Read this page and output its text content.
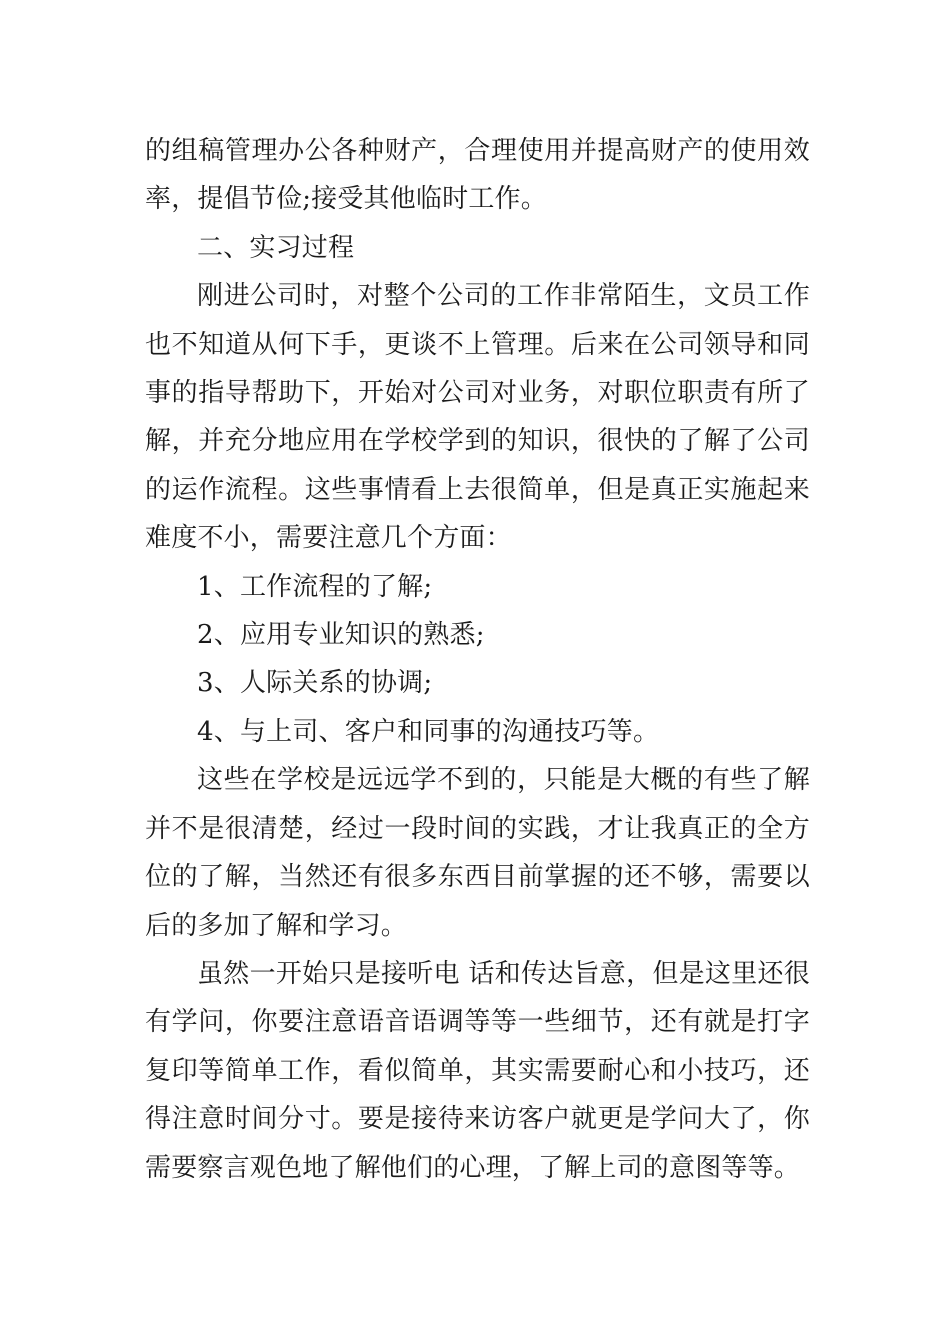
的组稿管理办公各种财产，合理使用并提高财产的使用效率，提倡节俭;接受其他临时工作。

二、实习过程

刚进公司时，对整个公司的工作非常陌生，文员工作也不知道从何下手，更谈不上管理。后来在公司领导和同事的指导帮助下，开始对公司对业务，对职位职责有所了解，并充分地应用在学校学到的知识，很快的了解了公司的运作流程。这些事情看上去很简单，但是真正实施起来难度不小，需要注意几个方面：

1、工作流程的了解;

2、应用专业知识的熟悉;

3、人际关系的协调;

4、与上司、客户和同事的沟通技巧等。

这些在学校是远远学不到的，只能是大概的有些了解并不是很清楚，经过一段时间的实践，才让我真正的全方位的了解，当然还有很多东西目前掌握的还不够，需要以后的多加了解和学习。

虽然一开始只是接听电 话和传达旨意，但是这里还很有学问，你要注意语音语调等等一些细节，还有就是打字复印等简单工作，看似简单，其实需要耐心和小技巧，还得注意时间分寸。要是接待来访客户就更是学问大了，你需要察言观色地了解他们的心理，了解上司的意图等等。
